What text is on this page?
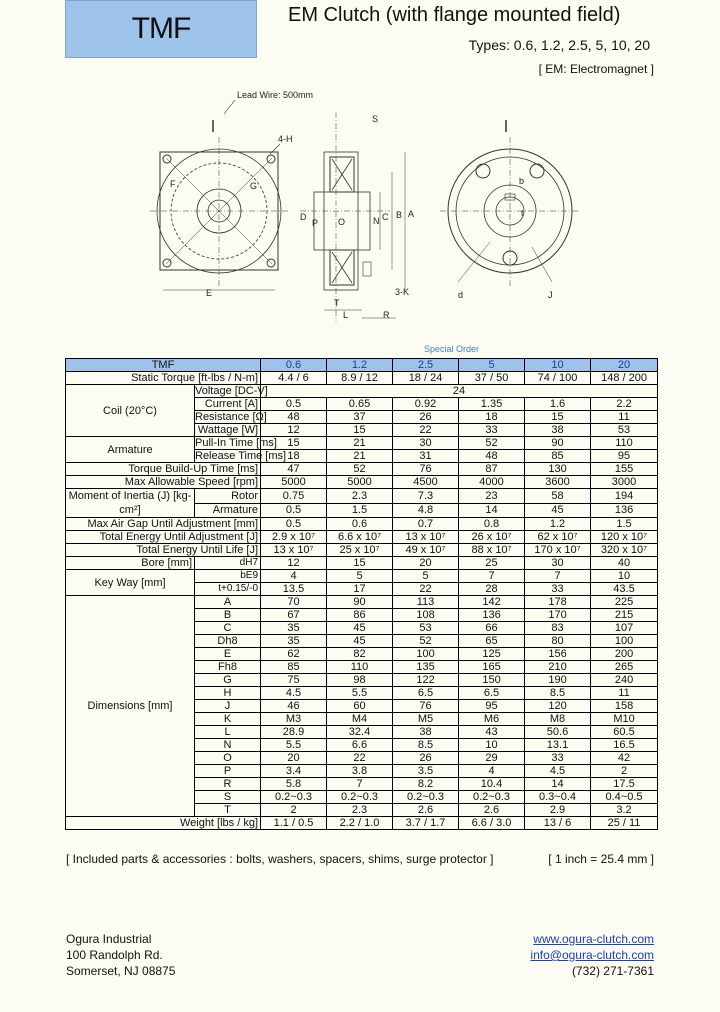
TMF	EM Clutch (with flange mounted field)
Types: 0.6, 1.2, 2.5, 5, 10, 20
[ EM: Electromagnet ]
Lead Wire: 500mm
4-H
3-K
S
D
P O	N C B A
T
L	R
F	G
E
b
t
d	J
Special Order
TMF		0.6	1.2	2.5	5	10	20
Static Torque [ft-lbs / N-m]		4.4 / 6	8.9 / 12	18 / 24	37 / 50	74 / 100	148 / 200
Coil (20°C)	Voltage [DC-V]	24					
	Current [A]	0.5	0.65	0.92	1.35	1.6	2.2
	Resistance [Ω]	48	37	26	18	15	11
	Wattage [W]	12	15	22	33	38	53
Armature	Pull-In Time [ms]	15	21	30	52	90	110
	Release Time [ms]	18	21	31	48	85	95
Torque Build-Up Time [ms]		47	52	76	87	130	155
Max Allowable Speed [rpm]		5000	5000	4500	4000	3600	3000
Moment of Inertia (J) [kg-cm²]	Rotor	0.75	2.3	7.3	23	58	194
	Armature	0.5	1.5	4.8	14	45	136
Max Air Gap Until Adjustment [mm]		0.5	0.6	0.7	0.8	1.2	1.5
Total Energy Until Adjustment [J]		2.9 x 10⁷	6.6 x 10⁷	13 x 10⁷	26 x 10⁷	62 x 10⁷	120 x 10⁷
Total Energy Until Life [J]		13 x 10⁷	25 x 10⁷	49 x 10⁷	88 x 10⁷	170 x 10⁷	320 x 10⁷
Bore [mm]	dH7	12	15	20	25	30	40
Key Way [mm]	bE9	4	5	5	7	7	10
	t+0.15/-0	13.5	17	22	28	33	43.5
Dimensions [mm]	A	70	90	113	142	178	225
	B	67	86	108	136	170	215
	C	35	45	53	66	83	107
	Dh8	35	45	52	65	80	100
	E	62	82	100	125	156	200
	Fh8	85	110	135	165	210	265
	G	75	98	122	150	190	240
	H	4.5	5.5	6.5	6.5	8.5	11
	J	46	60	76	95	120	158
	K	M3	M4	M5	M6	M8	M10
	L	28.9	32.4	38	43	50.6	60.5
	N	5.5	6.6	8.5	10	13.1	16.5
	O	20	22	26	29	33	42
	P	3.4	3.8	3.5	4	4.5	2
	R	5.8	7	8.2	10.4	14	17.5
	S	0.2~0.3	0.2~0.3	0.2~0.3	0.2~0.3	0.3~0.4	0.4~0.5
	T	2	2.3	2.6	2.6	2.9	3.2
Weight [lbs / kg]		1.1 / 0.5	2.2 / 1.0	3.7 / 1.7	6.6 / 3.0	13 / 6	25 / 11
[ Included parts & accessories : bolts, washers, spacers, shims, surge protector ]	[ 1 inch = 25.4 mm ]
Ogura Industrial
100 Randolph Rd.
Somerset, NJ 08875
www.ogura-clutch.com
info@ogura-clutch.com
(732) 271-7361
